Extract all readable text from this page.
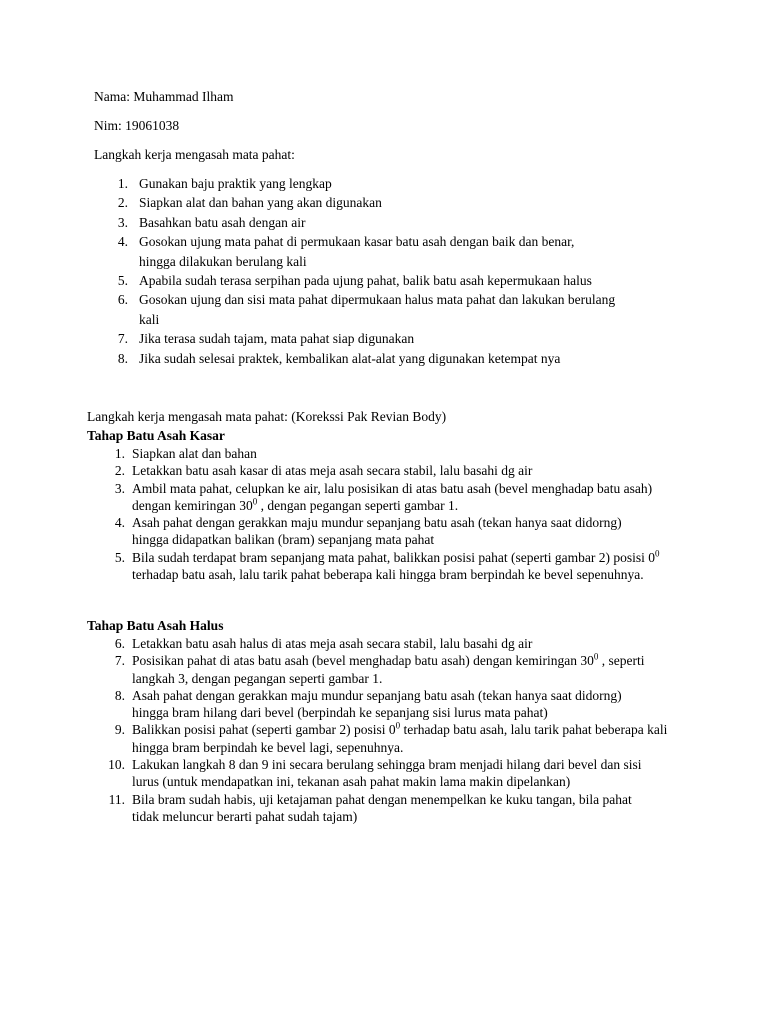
Nama: Muhammad Ilham
Nim: 19061038
Langkah kerja mengasah mata pahat:
1. Gunakan baju praktik yang lengkap
2. Siapkan alat dan bahan yang akan digunakan
3. Basahkan batu asah dengan air
4. Gosokan ujung mata pahat di permukaan kasar batu asah dengan baik dan benar, hingga dilakukan berulang kali
5. Apabila sudah terasa serpihan pada ujung pahat, balik batu asah kepermukaan halus
6. Gosokan ujung dan sisi mata pahat dipermukaan halus mata pahat dan lakukan berulang kali
7. Jika terasa sudah tajam, mata pahat siap digunakan
8. Jika sudah selesai praktek, kembalikan alat-alat yang digunakan ketempat nya
Langkah kerja mengasah mata pahat: (Korekssi Pak Revian Body)
Tahap Batu Asah Kasar
1. Siapkan alat dan bahan
2. Letakkan batu asah kasar di atas meja asah secara stabil, lalu basahi dg air
3. Ambil mata pahat, celupkan ke air, lalu posisikan di atas batu asah (bevel menghadap batu asah) dengan kemiringan $30^0$ , dengan pegangan seperti gambar 1.
4. Asah pahat dengan gerakkan maju mundur sepanjang batu asah (tekan hanya saat didorng) hingga didapatkan balikan (bram) sepanjang mata pahat
5. Bila sudah terdapat bram sepanjang mata pahat, balikkan posisi pahat (seperti gambar 2) posisi $0^0$ terhadap batu asah, lalu tarik pahat beberapa kali hingga bram berpindah ke bevel sepenuhnya.
Tahap Batu Asah Halus
6. Letakkan batu asah halus di atas meja asah secara stabil, lalu basahi dg air
7. Posisikan pahat di atas batu asah (bevel menghadap batu asah) dengan kemiringan $30^0$ , seperti langkah 3, dengan pegangan seperti gambar 1.
8. Asah pahat dengan gerakkan maju mundur sepanjang batu asah (tekan hanya saat didorng) hingga bram hilang dari bevel (berpindah ke sepanjang sisi lurus mata pahat)
9. Balikkan posisi pahat (seperti gambar 2) posisi $0^0$ terhadap batu asah, lalu tarik pahat beberapa kali hingga bram berpindah ke bevel lagi, sepenuhnya.
10. Lakukan langkah 8 dan 9 ini secara berulang sehingga bram menjadi hilang dari bevel dan sisi lurus (untuk mendapatkan ini, tekanan asah pahat makin lama makin dipelankan)
11. Bila bram sudah habis, uji ketajaman pahat dengan menempelkan ke kuku tangan, bila pahat tidak meluncur berarti pahat sudah tajam)
